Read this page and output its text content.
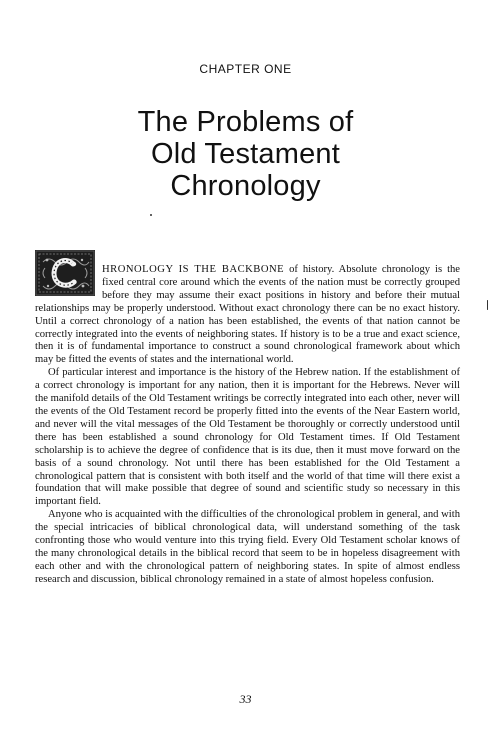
CHAPTER ONE
The Problems of
Old Testament
Chronology

HRONOLOGY IS THE BACKBONE of history. Absolute chronology is the fixed central core around which the events of the nation must be correctly grouped before they may assume their exact positions in history and before their mutual relationships may be properly understood. Without exact chronology there can be no exact history. Until a correct chronology of a nation has been established, the events of that nation cannot be correctly integrated into the events of neighboring states. If history is to be a true and exact science, then it is of fundamental importance to construct a sound chronological framework about which may be fitted the events of states and the international world.

Of particular interest and importance is the history of the Hebrew nation. If the establishment of a correct chronology is important for any nation, then it is important for the Hebrews. Never will the manifold details of the Old Testament writings be correctly integrated into each other, never will the events of the Old Testament record be properly fitted into the events of the Near Eastern world, and never will the vital messages of the Old Testament be thoroughly or correctly understood until there has been established a sound chronology for Old Testament times. If Old Testament scholarship is to achieve the degree of confidence that is its due, then it must move forward on the basis of a sound chronology. Not until there has been established for the Old Testament a chronological pattern that is consistent with both itself and the world of that time will there exist a foundation that will make possible that degree of sound and scientific study so necessary in this important field.

Anyone who is acquainted with the difficulties of the chronological problem in general, and with the special intricacies of biblical chronological data, will understand something of the task confronting those who would venture into this trying field. Every Old Testament scholar knows of the many chronological details in the biblical record that seem to be in hopeless disagreement with each other and with the chronological pattern of neighboring states. In spite of almost endless research and discussion, biblical chronology remained in a state of almost hopeless confusion.

33
